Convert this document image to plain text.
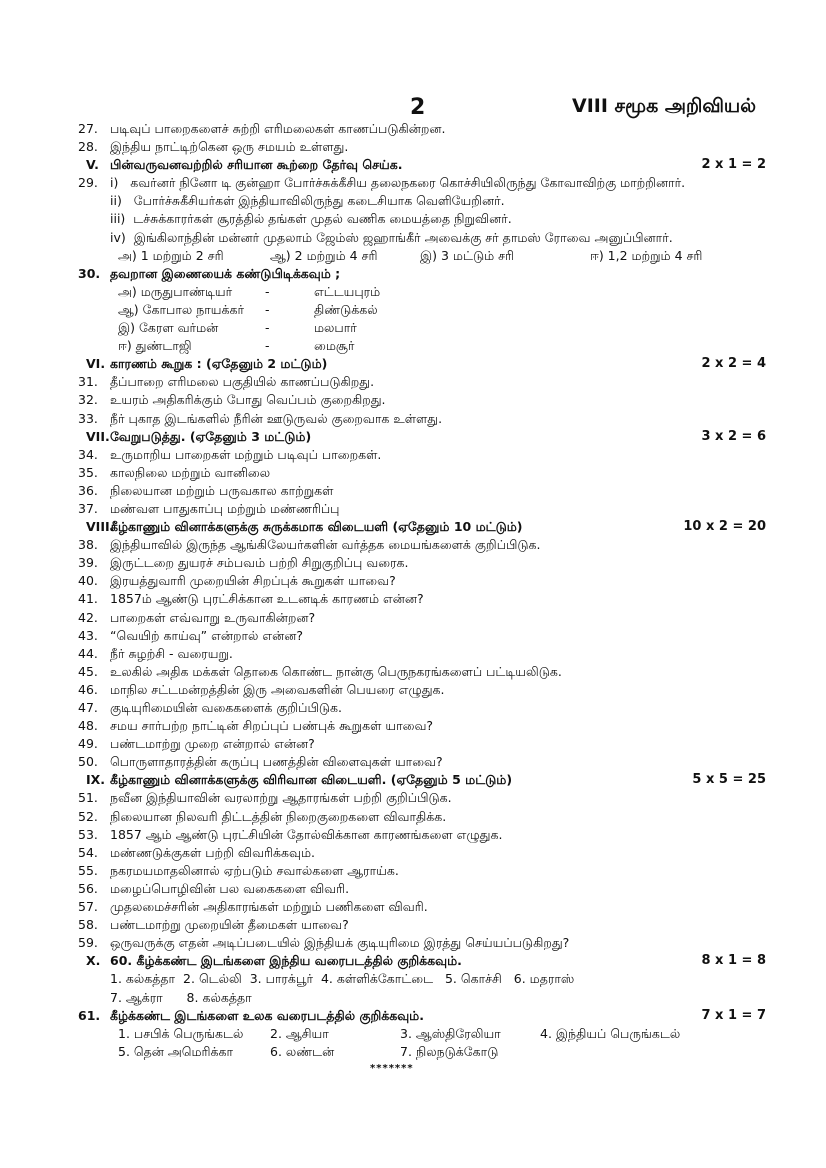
2	VIII சமூக அறிவியல்
27. படிவுப் பாறைகளைச் சுற்றி எரிமலைகள் காணப்படுகின்றன.
28. இந்திய நாட்டிற்கென ஒரு சமயம் உள்ளது.
V. பின்வருவனவற்றில் சரியான கூற்றை தேர்வு செய்க.	2 x 1 = 2
29. i) கவர்னர் நினோ டி குன்ஹா போர்ச்சுக்கீசிய தலைநகரை கொச்சியிலிருந்து கோவாவிற்கு மாற்றினார்.
ii) போர்ச்சுகீசியர்கள் இந்தியாவிலிருந்து கடைசியாக வெளியேறினர்.
iii) டச்சுக்காரர்கள் சூரத்தில் தங்கள் முதல் வணிக மையத்தை நிறுவினர்.
iv) இங்கிலாந்தின் மன்னர் முதலாம் ஜேம்ஸ் ஜஹாங்கீர் அவைக்கு சர் தாமஸ் ரோவை அனுப்பினார்.
அ) 1 மற்றும் 2 சரி	ஆ) 2 மற்றும் 4 சரி	இ) 3 மட்டும் சரி	ஈ) 1,2 மற்றும் 4 சரி
30. தவறான இணையைக் கண்டுபிடிக்கவும் ;
அ) மருதுபாண்டியர்	-	எட்டயபுரம்
ஆ) கோபால நாயக்கர் -	திண்டுக்கல்
இ) கேரள வர்மன்	-	மலபார்
ஈ) துண்டாஜி	-	மைசூர்
VI. காரணம் கூறுக : (ஏதேனும் 2 மட்டும்)	2 x 2 = 4
31. தீப்பாறை எரிமலை பகுதியில் காணப்படுகிறது.
32. உயரம் அதிகரிக்கும் போது வெப்பம் குறைகிறது.
33. நீர் புகாத இடங்களில் நீரின் ஊடுருவல் குறைவாக உள்ளது.
VII. வேறுபடுத்து. (ஏதேனும் 3 மட்டும்)	3 x 2 = 6
34. உருமாறிய பாறைகள் மற்றும் படிவுப் பாறைகள்.
35. காலநிலை மற்றும் வானிலை
36. நிலையான மற்றும் பருவகால காற்றுகள்
37. மண்வள பாதுகாப்பு மற்றும் மண்ணரிப்பு
VIII.
கீழ்காணும் வினாக்களுக்கு சுருக்கமாக விடையளி (ஏதேனும் 10 மட்டும்)	10 x 2 = 20
38. இந்தியாவில் இருந்த ஆங்கிலேயர்களின் வர்த்தக மையங்களைக் குறிப்பிடுக.
39. இருட்டறை துயரச் சம்பவம் பற்றி சிறுகுறிப்பு வரைக.
40. இரயத்துவாரி முறையின் சிறப்புக் கூறுகள் யாவை?
41. 1857ம் ஆண்டு புரட்சிக்கான உடனடிக் காரணம் என்ன?
42. பாறைகள் எவ்வாறு உருவாகின்றன?
43. “வெயிற் காய்வு” என்றால் என்ன?
44. நீர் சுழற்சி - வரையறு.
45. உலகில் அதிக மக்கள் தொகை கொண்ட நான்கு பெருநகரங்களைப் பட்டியலிடுக.
46. மாநில சட்டமன்றத்தின் இரு அவைகளின் பெயரை எழுதுக.
47. குடியுரிமையின் வகைகளைக் குறிப்பிடுக.
48. சமய சார்பற்ற நாட்டின் சிறப்புப் பண்புக் கூறுகள் யாவை?
49. பண்டமாற்று முறை என்றால் என்ன?
50. பொருளாதாரத்தின் கருப்பு பணத்தின் விளைவுகள் யாவை?
IX. கீழ்காணும் வினாக்களுக்கு விரிவான விடையளி. (ஏதேனும் 5 மட்டும்)	5 x 5 = 25
51. நவீன இந்தியாவின் வரலாற்று ஆதாரங்கள் பற்றி குறிப்பிடுக.
52. நிலையான நிலவரி திட்டத்தின் நிறைகுறைகளை விவாதிக்க.
53. 1857 ஆம் ஆண்டு புரட்சியின் தோல்விக்கான காரணங்களை எழுதுக.
54. மண்ணடுக்குகள் பற்றி விவரிக்கவும்.
55. நகரமயமாதலினால் ஏற்படும் சவால்களை ஆராய்க.
56. மழைப்பொழிவின் பல வகைகளை விவரி.
57. முதலமைச்சரின் அதிகாரங்கள் மற்றும் பணிகளை விவரி.
58. பண்டமாற்று முறையின் தீமைகள் யாவை?
59. ஒருவருக்கு எதன் அடிப்படையில் இந்தியக் குடியுரிமை இரத்து செய்யப்படுகிறது?
X. 60. கீழ்க்கண்ட இடங்களை இந்திய வரைபடத்தில் குறிக்கவும்.	8 x 1 = 8
1. கல்கத்தா 2. டெல்லி 3. பாரக்பூர் 4. கள்ளிக்கோட்டை 5. கொச்சி 6. மதராஸ்
7. ஆக்ரா 8. கல்கத்தா
61. கீழ்க்கண்ட இடங்களை உலக வரைபடத்தில் குறிக்கவும்.	7 x 1 = 7
1. பசபிக் பெருங்கடல் 2. ஆசியா	3. ஆஸ்திரேலியா	4. இந்தியப் பெருங்கடல்
5. தென் அமெரிக்கா	6. லண்டன்	7. நிலநடுக்கோடு
*******
